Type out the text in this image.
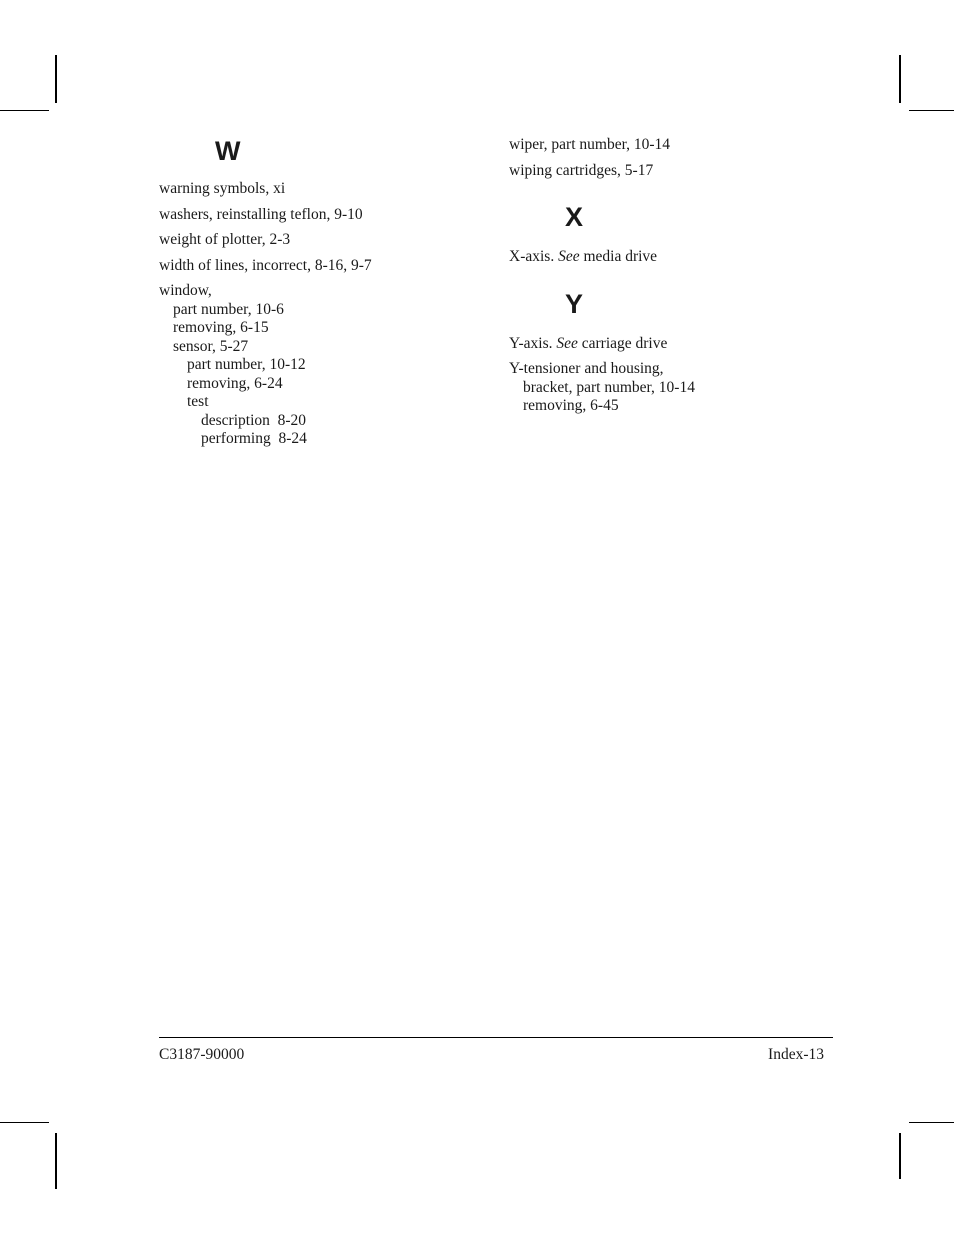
W

warning symbols, xi

washers, reinstalling teflon, 9-10

weight of plotter, 2-3

width of lines, incorrect, 8-16, 9-7

window,

part number, 10-6

removing, 6-15

sensor, 5-27

part number, 10-12

removing, 6-24

test

description  8-20

performing  8-24

wiper, part number, 10-14

wiping cartridges, 5-17

X

X-axis. See media drive

Y

Y-axis. See carriage drive

Y-tensioner and housing,

bracket, part number, 10-14

removing, 6-45

C3187-90000	Index-13
